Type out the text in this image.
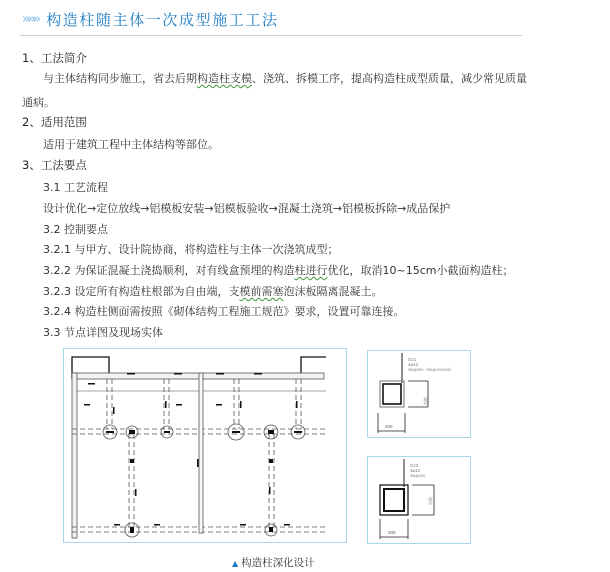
»»» 构造柱随主体一次成型施工工法
1、工法简介
与主体结构同步施工，省去后期构造柱支模、浇筑、拆模工序，提高构造柱成型质量，减少常见质量
通病。
2、适用范围
适用于建筑工程中主体结构等部位。
3、工法要点
3.1 工艺流程
设计优化→定位放线→铝模板安装→铝模板验收→混凝土浇筑→铝模板拆除→成品保护
3.2 控制要点
3.2.1 与甲方、设计院协商，将构造柱与主体一次浇筑成型；
3.2.2 为保证混凝土浇捣顺利，对有线盒预埋的构造柱进行优化，取消10~15cm小截面构造柱；
3.2.3 设定所有构造柱根部为自由端，支模前需塞泡沫板隔离混凝土。
3.2.4 构造柱侧面需按照《砌体结构工程施工规范》要求，设置可靠连接。
3.3 节点详图及现场实体
Gz1
4⌀12
Φ6@200（Φ6@100/200）
墙厚
200
Gz3
4⌀12
Φ6@200
墙厚
200
▲ 构造柱深化设计
